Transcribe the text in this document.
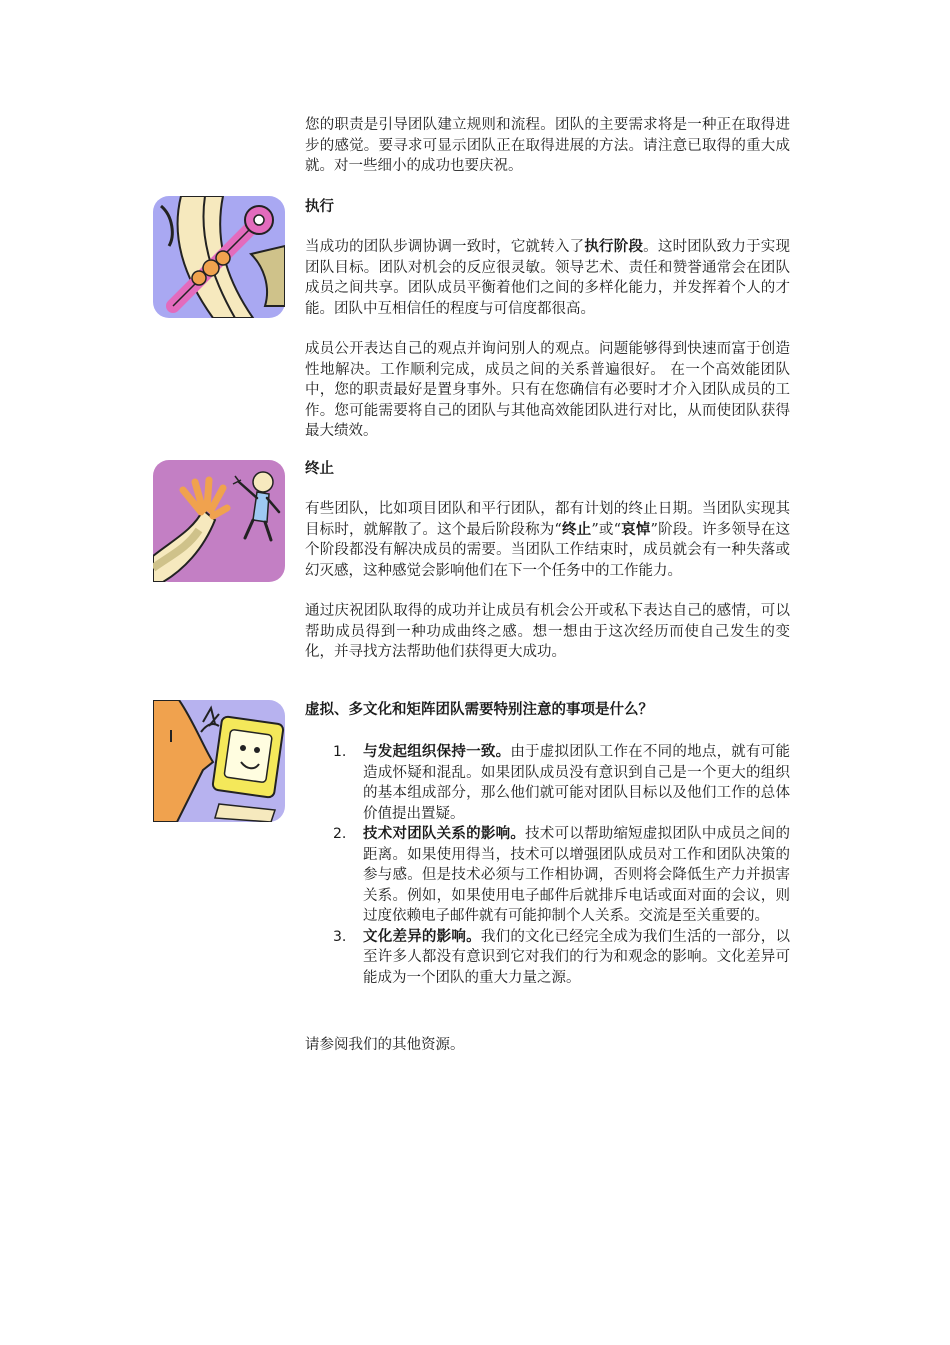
您的职责是引导团队建立规则和流程。团队的主要需求将是一种正在取得进步的感觉。要寻求可显示团队正在取得进展的方法。请注意已取得的重大成就。对一些细小的成功也要庆祝。

执行

当成功的团队步调协调一致时，它就转入了执行阶段。这时团队致力于实现团队目标。团队对机会的反应很灵敏。领导艺术、责任和赞誉通常会在团队成员之间共享。团队成员平衡着他们之间的多样化能力，并发挥着个人的才能。团队中互相信任的程度与可信度都很高。

成员公开表达自己的观点并询问别人的观点。问题能够得到快速而富于创造性地解决。工作顺利完成，成员之间的关系普遍很好。 在一个高效能团队中，您的职责最好是置身事外。只有在您确信有必要时才介入团队成员的工作。您可能需要将自己的团队与其他高效能团队进行对比，从而使团队获得最大绩效。

终止

有些团队，比如项目团队和平行团队，都有计划的终止日期。当团队实现其目标时，就解散了。这个最后阶段称为“终止”或“哀悼”阶段。许多领导在这个阶段都没有解决成员的需要。当团队工作结束时，成员就会有一种失落或幻灭感，这种感觉会影响他们在下一个任务中的工作能力。

通过庆祝团队取得的成功并让成员有机会公开或私下表达自己的感情，可以帮助成员得到一种功成曲终之感。想一想由于这次经历而使自己发生的变化，并寻找方法帮助他们获得更大成功。

虚拟、多文化和矩阵团队需要特别注意的事项是什么？
1. 与发起组织保持一致。由于虚拟团队工作在不同的地点，就有可能造成怀疑和混乱。如果团队成员没有意识到自己是一个更大的组织的基本组成部分，那么他们就可能对团队目标以及他们工作的总体价值提出置疑。
2. 技术对团队关系的影响。技术可以帮助缩短虚拟团队中成员之间的距离。如果使用得当，技术可以增强团队成员对工作和团队决策的参与感。但是技术必须与工作相协调，否则将会降低生产力并损害关系。例如，如果使用电子邮件后就排斥电话或面对面的会议，则过度依赖电子邮件就有可能抑制个人关系。交流是至关重要的。
3. 文化差异的影响。我们的文化已经完全成为我们生活的一部分，以至许多人都没有意识到它对我们的行为和观念的影响。文化差异可能成为一个团队的重大力量之源。

请参阅我们的其他资源。
